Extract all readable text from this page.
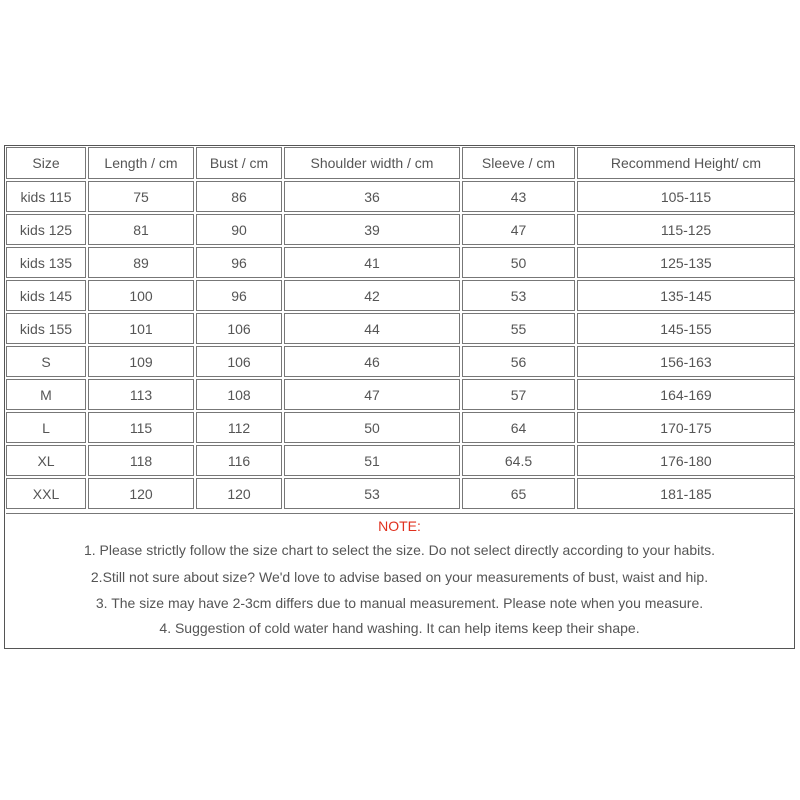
Size	Length / cm	Bust / cm	Shoulder width / cm	Sleeve / cm	Recommend Height/ cm
kids 115	75	86	36	43	105-115
kids 125	81	90	39	47	115-125
kids 135	89	96	41	50	125-135
kids 145	100	96	42	53	135-145
kids 155	101	106	44	55	145-155
S	109	106	46	56	156-163
M	113	108	47	57	164-169
L	115	112	50	64	170-175
XL	118	116	51	64.5	176-180
XXL	120	120	53	65	181-185
NOTE:
1. Please strictly follow the size chart to select the size. Do not select directly according to your habits.
2.Still not sure about size? We'd love to advise based on your measurements of bust, waist and hip.
3. The size may have 2-3cm differs due to manual measurement. Please note when you measure.
4. Suggestion of cold water hand washing. It can help items keep their shape.
